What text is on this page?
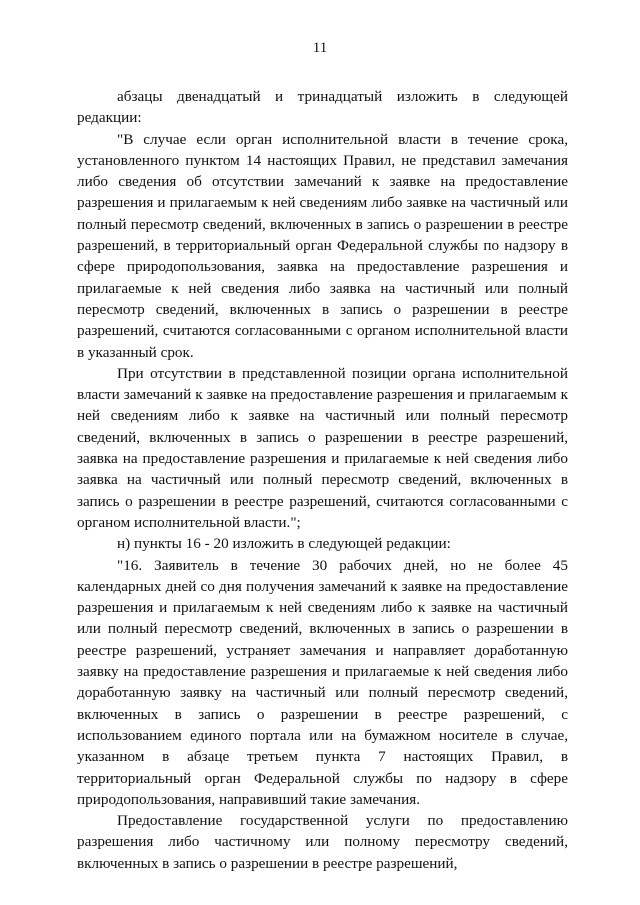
11

абзацы двенадцатый и тринадцатый изложить в следующей редакции:

"В случае если орган исполнительной власти в течение срока, установленного пунктом 14 настоящих Правил, не представил замечания либо сведения об отсутствии замечаний к заявке на предоставление разрешения и прилагаемым к ней сведениям либо заявке на частичный или полный пересмотр сведений, включенных в запись о разрешении в реестре разрешений, в территориальный орган Федеральной службы по надзору в сфере природопользования, заявка на предоставление разрешения и прилагаемые к ней сведения либо заявка на частичный или полный пересмотр сведений, включенных в запись о разрешении в реестре разрешений, считаются согласованными с органом исполнительной власти в указанный срок.

При отсутствии в представленной позиции органа исполнительной власти замечаний к заявке на предоставление разрешения и прилагаемым к ней сведениям либо к заявке на частичный или полный пересмотр сведений, включенных в запись о разрешении в реестре разрешений, заявка на предоставление разрешения и прилагаемые к ней сведения либо заявка на частичный или полный пересмотр сведений, включенных в запись о разрешении в реестре разрешений, считаются согласованными с органом исполнительной власти.";

н) пункты 16 - 20 изложить в следующей редакции:

"16. Заявитель в течение 30 рабочих дней, но не более 45 календарных дней со дня получения замечаний к заявке на предоставление разрешения и прилагаемым к ней сведениям либо к заявке на частичный или полный пересмотр сведений, включенных в запись о разрешении в реестре разрешений, устраняет замечания и направляет доработанную заявку на предоставление разрешения и прилагаемые к ней сведения либо доработанную заявку на частичный или полный пересмотр сведений, включенных в запись о разрешении в реестре разрешений, с использованием единого портала или на бумажном носителе в случае, указанном в абзаце третьем пункта 7 настоящих Правил, в территориальный орган Федеральной службы по надзору в сфере природопользования, направивший такие замечания.

Предоставление государственной услуги по предоставлению разрешения либо частичному или полному пересмотру сведений, включенных в запись о разрешении в реестре разрешений,
